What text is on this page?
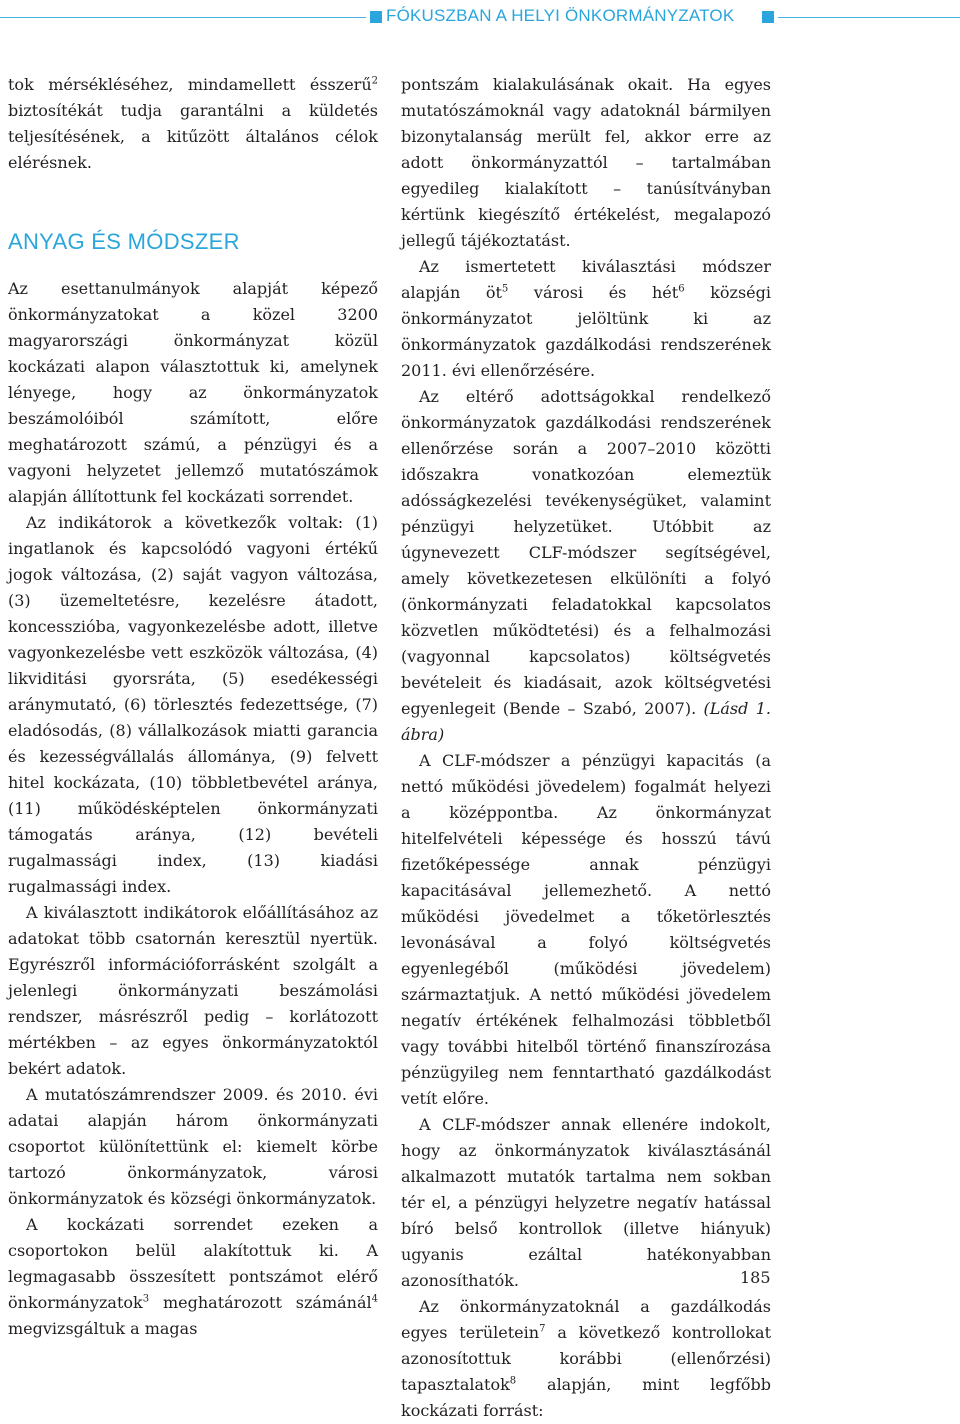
FÓKUSZBAN A HELYI ÖNKORMÁNYZATOK

tok mérsékléséhez, mindamellett ésszerű$^2$ biztosítékát tudja garantálni a küldetés teljesítésének, a kitűzött általános célok elérésnek.

ANYAG ÉS MÓDSZER

Az esettanulmányok alapját képező önkormányzatokat a közel 3200 magyarországi önkormányzat közül kockázati alapon választottuk ki, amelynek lényege, hogy az önkormányzatok beszámolóiból számított, előre meghatározott számú, a pénzügyi és a vagyoni helyzetet jellemző mutatószámok alapján állítottunk fel kockázati sorrendet.

Az indikátorok a következők voltak: (1) ingatlanok és kapcsolódó vagyoni értékű jogok változása, (2) saját vagyon változása, (3) üzemeltetésre, kezelésre átadott, koncesszióba, vagyonkezelésbe adott, illetve vagyonkezelésbe vett eszközök változása, (4) likviditási gyorsráta, (5) esedékességi aránymutató, (6) törlesztés fedezettsége, (7) eladósodás, (8) vállalkozások miatti garancia és kezességvállalás állománya, (9) felvett hitel kockázata, (10) többletbevétel aránya, (11) működésképtelen önkormányzati támogatás aránya, (12) bevételi rugalmassági index, (13) kiadási rugalmassági index.

A kiválasztott indikátorok előállításához az adatokat több csatornán keresztül nyertük. Egyrészről információforrásként szolgált a jelenlegi önkormányzati beszámolási rendszer, másrészről pedig – korlátozott mértékben – az egyes önkormányzatoktól bekért adatok.

A mutatószámrendszer 2009. és 2010. évi adatai alapján három önkormányzati csoportot különítettünk el: kiemelt körbe tartozó önkormányzatok, városi önkormányzatok és községi önkormányzatok.

A kockázati sorrendet ezeken a csoportokon belül alakítottuk ki. A legmagasabb összesített pontszámot elérő önkormányzatok$^3$ meghatározott számánál$^4$ megvizsgáltuk a magas

pontszám kialakulásának okait. Ha egyes mutatószámoknál vagy adatoknál bármilyen bizonytalanság merült fel, akkor erre az adott önkormányzattól – tartalmában egyedileg kialakított – tanúsítványban kértünk kiegészítő értékelést, megalapozó jellegű tájékoztatást.

Az ismertetett kiválasztási módszer alapján $öt^5$ városi és hét$^6$ községi önkormányzatot jelöltünk ki az önkormányzatok gazdálkodási rendszerének 2011. évi ellenőrzésére.

Az eltérő adottságokkal rendelkező önkormányzatok gazdálkodási rendszerének ellenőrzése során a 2007–2010 közötti időszakra vonatkozóan elemeztük adósságkezelési tevékenységüket, valamint pénzügyi helyzetüket. Utóbbit az úgynevezett CLF-módszer segítségével, amely következetesen elkülöníti a folyó (önkormányzati feladatokkal kapcsolatos közvetlen működtetési) és a felhalmozási (vagyonnal kapcsolatos) költségvetés bevételeit és kiadásait, azok költségvetési egyenlegeit (Bende – Szabó, 2007). (Lásd 1. ábra)

A CLF-módszer a pénzügyi kapacitás (a nettó működési jövedelem) fogalmát helyezi a középpontba. Az önkormányzat hitelfelvételi képessége és hosszú távú fizetőképessége annak pénzügyi kapacitásával jellemezhető. A nettó működési jövedelmet a tőketörlesztés levonásával a folyó költségvetés egyenlegéből (működési jövedelem) származtatjuk. A nettó működési jövedelem negatív értékének felhalmozási többletből vagy további hitelből történő finanszírozása pénzügyileg nem fenntartható gazdálkodást vetít előre.

A CLF-módszer annak ellenére indokolt, hogy az önkormányzatok kiválasztásánál alkalmazott mutatók tartalma nem sokban tér el, a pénzügyi helyzetre negatív hatással bíró belső kontrollok (illetve hiányuk) ugyanis ezáltal hatékonyabban azonosíthatók.

Az önkormányzatoknál a gazdálkodás egyes területein$^7$ a következő kontrollokat azonosítottuk korábbi (ellenőrzési) tapasztalatok$^8$ alapján, mint legfőbb kockázati forrást:

185
